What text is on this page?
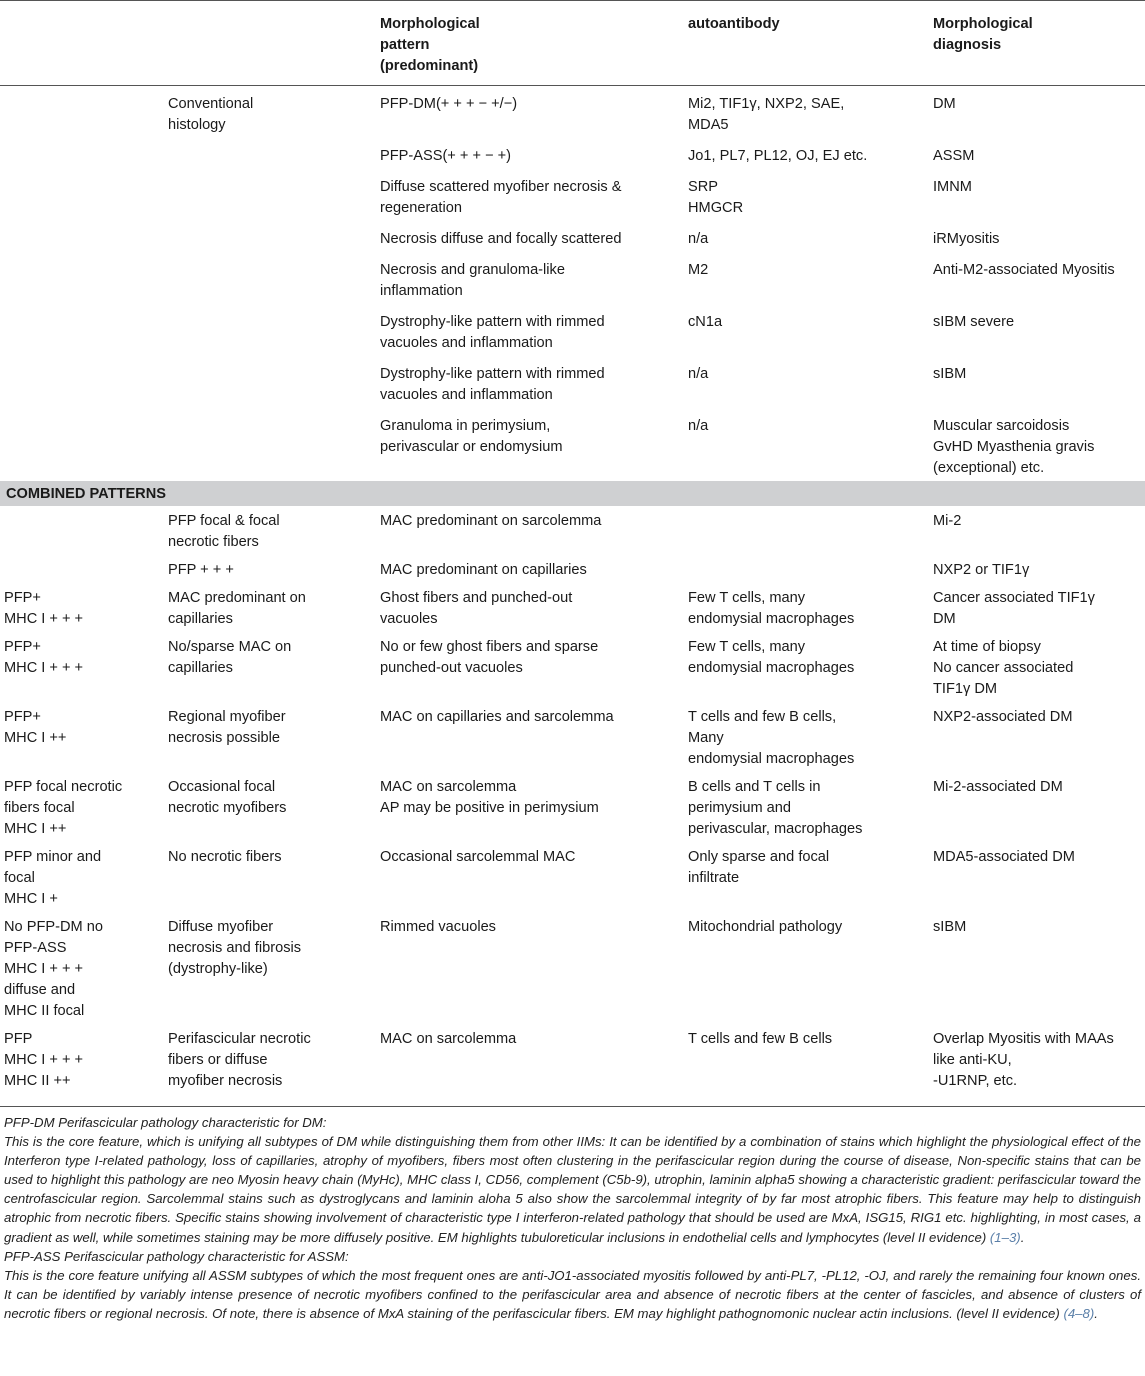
		Morphological
pattern
(predominant)	autoantibody	Morphological
diagnosis
	Conventional
histology	PFP-DM(+ + + − +/−)	Mi2, TIF1γ, NXP2, SAE,
MDA5	DM
		PFP-ASS(+ + + − +)	Jo1, PL7, PL12, OJ, EJ etc.	ASSM
		Diffuse scattered myofiber necrosis &
regeneration	SRP
HMGCR	IMNM
		Necrosis diffuse and focally scattered	n/a	iRMyositis
		Necrosis and granuloma-like
inflammation	M2	Anti-M2-associated Myositis
		Dystrophy-like pattern with rimmed
vacuoles and inflammation	cN1a	sIBM severe
		Dystrophy-like pattern with rimmed
vacuoles and inflammation	n/a	sIBM
		Granuloma in perimysium,
perivascular or endomysium	n/a	Muscular sarcoidosis
GvHD Myasthenia gravis
(exceptional) etc.
COMBINED PATTERNS				
	PFP focal & focal
necrotic fibers	MAC predominant on sarcolemma		Mi-2
	PFP + + +	MAC predominant on capillaries		NXP2 or TIF1γ
PFP+
MHC I + + +	MAC predominant on
capillaries	Ghost fibers and punched-out
vacuoles	Few T cells, many
endomysial macrophages	Cancer associated TIF1γ
DM
PFP+
MHC I + + +	No/sparse MAC on
capillaries	No or few ghost fibers and sparse
punched-out vacuoles	Few T cells, many
endomysial macrophages	At time of biopsy
No cancer associated
TIF1γ DM
PFP+
MHC I ++	Regional myofiber
necrosis possible	MAC on capillaries and sarcolemma	T cells and few B cells,
Many
endomysial macrophages	NXP2-associated DM
PFP focal necrotic
fibers focal
MHC I ++	Occasional focal
necrotic myofibers	MAC on sarcolemma
AP may be positive in perimysium	B cells and T cells in
perimysium and
perivascular, macrophages	Mi-2-associated DM
PFP minor and
focal
MHC I +	No necrotic fibers	Occasional sarcolemmal MAC	Only sparse and focal
infiltrate	MDA5-associated DM
No PFP-DM no
PFP-ASS
MHC I + + +
diffuse and
MHC II focal	Diffuse myofiber
necrosis and fibrosis
(dystrophy-like)	Rimmed vacuoles	Mitochondrial pathology	sIBM
PFP
MHC I + + +
MHC II ++	Perifascicular necrotic
fibers or diffuse
myofiber necrosis	MAC on sarcolemma	T cells and few B cells	Overlap Myositis with MAAs
like anti-KU,
-U1RNP, etc.

PFP-DM Perifascicular pathology characteristic for DM:

This is the core feature, which is unifying all subtypes of DM while distinguishing them from other IIMs: It can be identified by a combination of stains which highlight the physiological effect of the Interferon type I-related pathology, loss of capillaries, atrophy of myofibers, fibers most often clustering in the perifascicular region during the course of disease, Non-specific stains that can be used to highlight this pathology are neo Myosin heavy chain (MyHc), MHC class I, CD56, complement (C5b-9), utrophin, laminin alpha5 showing a characteristic gradient: perifascicular toward the centrofascicular region. Sarcolemmal stains such as dystroglycans and laminin aloha 5 also show the sarcolemmal integrity of by far most atrophic fibers. This feature may help to distinguish atrophic from necrotic fibers. Specific stains showing involvement of characteristic type I interferon-related pathology that should be used are MxA, ISG15, RIG1 etc. highlighting, in most cases, a gradient as well, while sometimes staining may be more diffusely positive. EM highlights tubuloreticular inclusions in endothelial cells and lymphocytes (level II evidence) (1–3).

PFP-ASS Perifascicular pathology characteristic for ASSM:

This is the core feature unifying all ASSM subtypes of which the most frequent ones are anti-JO1-associated myositis followed by anti-PL7, -PL12, -OJ, and rarely the remaining four known ones. It can be identified by variably intense presence of necrotic myofibers confined to the perifascicular area and absence of necrotic fibers at the center of fascicles, and absence of clusters of necrotic fibers or regional necrosis. Of note, there is absence of MxA staining of the perifascicular fibers. EM may highlight pathognomonic nuclear actin inclusions. (level II evidence) (4–8).
